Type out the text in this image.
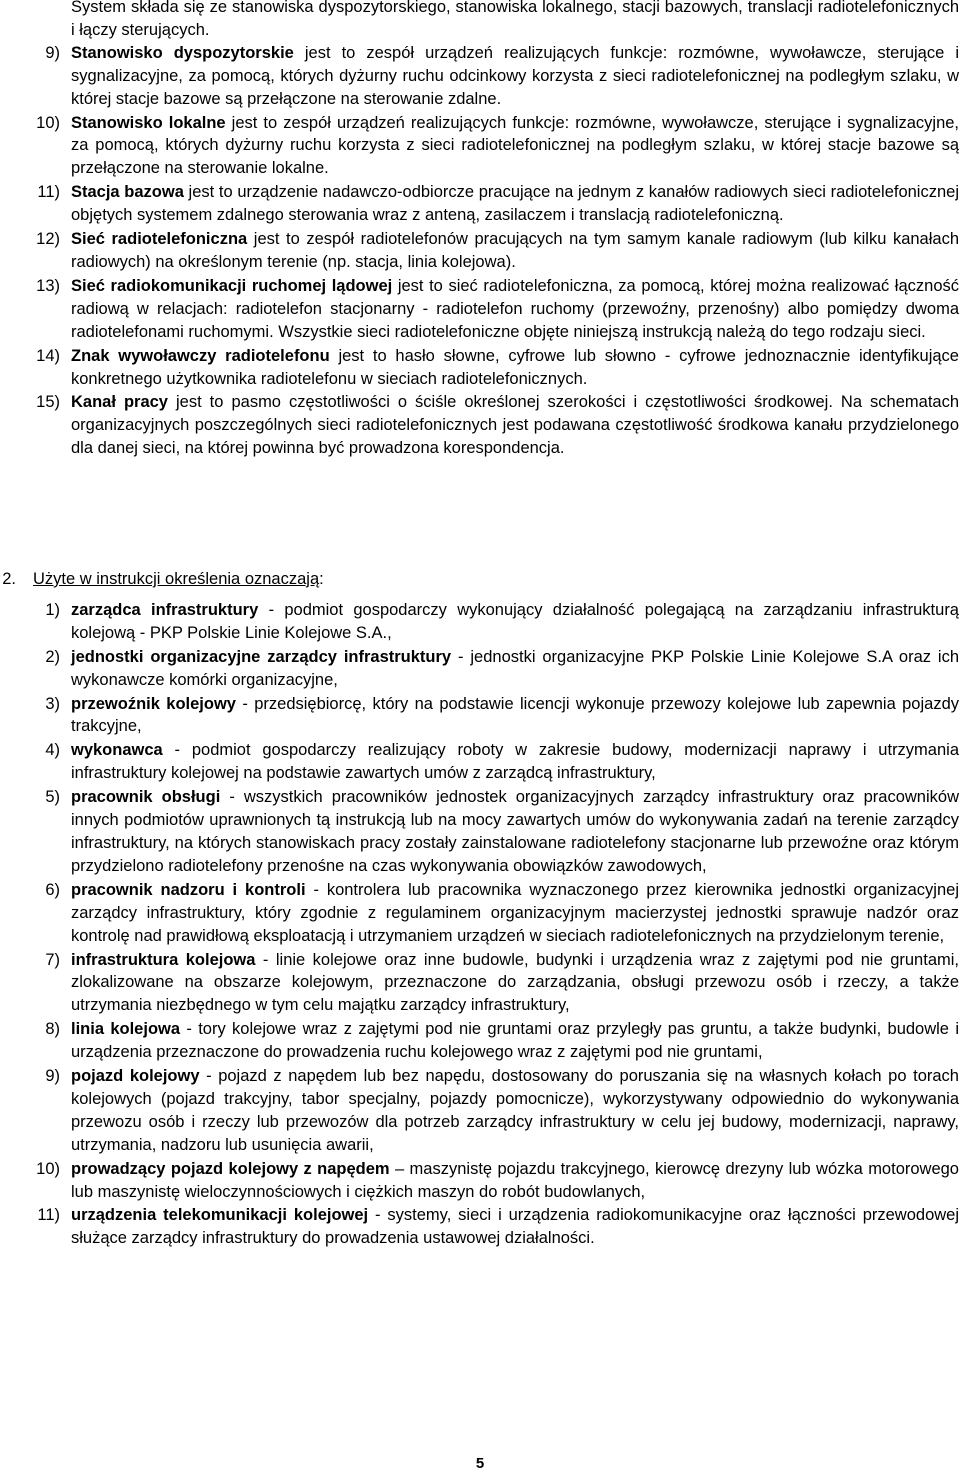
System składa się ze stanowiska dyspozytorskiego, stanowiska lokalnego, stacji bazowych, translacji radiotelefonicznych i łączy sterujących.
9) Stanowisko dyspozytorskie jest to zespół urządzeń realizujących funkcje: rozmówne, wywoławcze, sterujące i sygnalizacyjne, za pomocą, których dyżurny ruchu odcinkowy korzysta z sieci radiotelefonicznej na podległym szlaku, w której stacje bazowe są przełączone na sterowanie zdalne.
10) Stanowisko lokalne jest to zespół urządzeń realizujących funkcje: rozmówne, wywoławcze, sterujące i sygnalizacyjne, za pomocą, których dyżurny ruchu korzysta z sieci radiotelefonicznej na podległym szlaku, w której stacje bazowe są przełączone na sterowanie lokalne.
11) Stacja bazowa jest to urządzenie nadawczo-odbiorcze pracujące na jednym z kanałów radiowych sieci radiotelefonicznej objętych systemem zdalnego sterowania wraz z anteną, zasilaczem i translacją radiotelefoniczną.
12) Sieć radiotelefoniczna jest to zespół radiotelefonów pracujących na tym samym kanale radiowym (lub kilku kanałach radiowych) na określonym terenie (np. stacja, linia kolejowa).
13) Sieć radiokomunikacji ruchomej lądowej jest to sieć radiotelefoniczna, za pomocą, której można realizować łączność radiową w relacjach: radiotelefon stacjonarny - radiotelefon ruchomy (przewoźny, przenośny) albo pomiędzy dwoma radiotelefonami ruchomymi. Wszystkie sieci radiotelefoniczne objęte niniejszą instrukcją należą do tego rodzaju sieci.
14) Znak wywoławczy radiotelefonu jest to hasło słowne, cyfrowe lub słowno - cyfrowe jednoznacznie identyfikujące konkretnego użytkownika radiotelefonu w sieciach radiotelefonicznych.
15) Kanał pracy jest to pasmo częstotliwości o ściśle określonej szerokości i częstotliwości środkowej. Na schematach organizacyjnych poszczególnych sieci radiotelefonicznych jest podawana częstotliwość środkowa kanału przydzielonego dla danej sieci, na której powinna być prowadzona korespondencja.
2. Użyte w instrukcji określenia oznaczają:
1) zarządca infrastruktury - podmiot gospodarczy wykonujący działalność polegającą na zarządzaniu infrastrukturą kolejową - PKP Polskie Linie Kolejowe S.A.,
2) jednostki organizacyjne zarządcy infrastruktury - jednostki organizacyjne PKP Polskie Linie Kolejowe S.A oraz ich wykonawcze komórki organizacyjne,
3) przewoźnik kolejowy - przedsiębiorcę, który na podstawie licencji wykonuje przewozy kolejowe lub zapewnia pojazdy trakcyjne,
4) wykonawca - podmiot gospodarczy realizujący roboty w zakresie budowy, modernizacji naprawy i utrzymania infrastruktury kolejowej na podstawie zawartych umów z zarządcą infrastruktury,
5) pracownik obsługi - wszystkich pracowników jednostek organizacyjnych zarządcy infrastruktury oraz pracowników innych podmiotów uprawnionych tą instrukcją lub na mocy zawartych umów do wykonywania zadań na terenie zarządcy infrastruktury, na których stanowiskach pracy zostały zainstalowane radiotelefony stacjonarne lub przewoźne oraz którym przydzielono radiotelefony przenośne na czas wykonywania obowiązków zawodowych,
6) pracownik nadzoru i kontroli - kontrolera lub pracownika wyznaczonego przez kierownika jednostki organizacyjnej zarządcy infrastruktury, który zgodnie z regulaminem organizacyjnym macierzystej jednostki sprawuje nadzór oraz kontrolę nad prawidłową eksploatacją i utrzymaniem urządzeń w sieciach radiotelefonicznych na przydzielonym terenie,
7) infrastruktura kolejowa - linie kolejowe oraz inne budowle, budynki i urządzenia wraz z zajętymi pod nie gruntami, zlokalizowane na obszarze kolejowym, przeznaczone do zarządzania, obsługi przewozu osób i rzeczy, a także utrzymania niezbędnego w tym celu majątku zarządcy infrastruktury,
8) linia kolejowa - tory kolejowe wraz z zajętymi pod nie gruntami oraz przyległy pas gruntu, a także budynki, budowle i urządzenia przeznaczone do prowadzenia ruchu kolejowego wraz z zajętymi pod nie gruntami,
9) pojazd kolejowy - pojazd z napędem lub bez napędu, dostosowany do poruszania się na własnych kołach po torach kolejowych (pojazd trakcyjny, tabor specjalny, pojazdy pomocnicze), wykorzystywany odpowiednio do wykonywania przewozu osób i rzeczy lub przewozów dla potrzeb zarządcy infrastruktury w celu jej budowy, modernizacji, naprawy, utrzymania, nadzoru lub usunięcia awarii,
10) prowadzący pojazd kolejowy z napędem – maszynistę pojazdu trakcyjnego, kierowcę drezyny lub wózka motorowego lub maszynistę wieloczynnościowych i ciężkich maszyn do robót budowlanych,
11) urządzenia telekomunikacji kolejowej - systemy, sieci i urządzenia radiokomunikacyjne oraz łączności przewodowej służące zarządcy infrastruktury do prowadzenia ustawowej działalności.
5
